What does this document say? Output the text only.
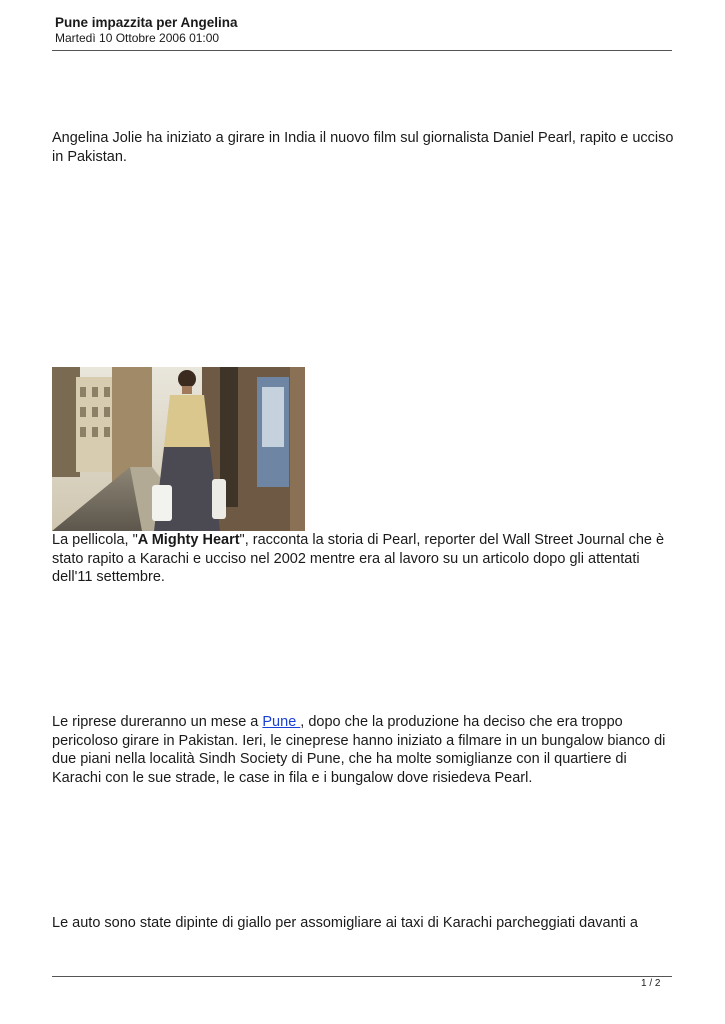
Pune impazzita per Angelina
Martedì 10 Ottobre 2006 01:00

Angelina Jolie ha iniziato a girare in India il nuovo film sul giornalista Daniel Pearl, rapito e ucciso in Pakistan.

La pellicola, "A Mighty Heart", racconta la storia di Pearl, reporter del Wall Street Journal che è stato rapito a Karachi e ucciso nel 2002 mentre era al lavoro su un articolo dopo gli attentati dell'11 settembre.

Le riprese dureranno un mese a Pune , dopo che la produzione ha deciso che era troppo pericoloso girare in Pakistan. Ieri, le cineprese hanno iniziato a filmare in un bungalow bianco di due piani nella località Sindh Society di Pune, che ha molte somiglianze con il quartiere di Karachi con le sue strade, le case in fila e i bungalow dove risiedeva Pearl.

Le auto sono state dipinte di giallo per assomigliare ai taxi di Karachi parcheggiati davanti a

1 / 2
